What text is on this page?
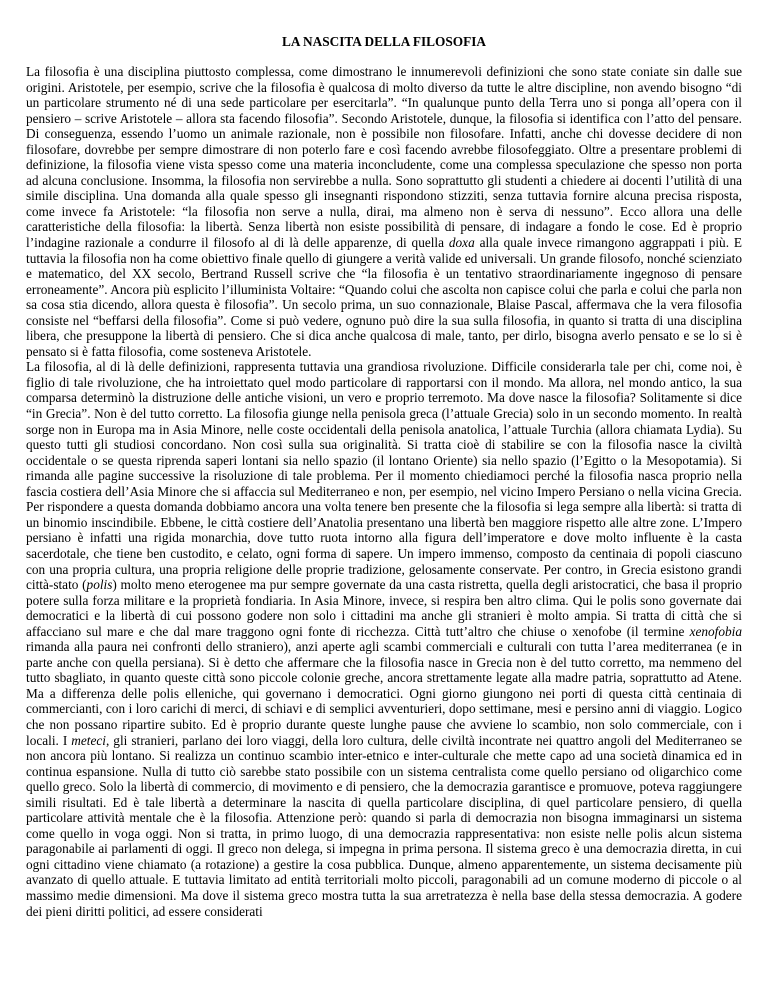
LA NASCITA DELLA FILOSOFIA

La filosofia è una disciplina piuttosto complessa, come dimostrano le innumerevoli definizioni che sono state coniate sin dalle sue origini. Aristotele, per esempio, scrive che la filosofia è qualcosa di molto diverso da tutte le altre discipline, non avendo bisogno “di un particolare strumento né di una sede particolare per esercitarla”. “In qualunque punto della Terra uno si ponga all’opera con il pensiero – scrive Aristotele – allora sta facendo filosofia”. Secondo Aristotele, dunque, la filosofia si identifica con l’atto del pensare. Di conseguenza, essendo l’uomo un animale razionale, non è possibile non filosofare. Infatti, anche chi dovesse decidere di non filosofare, dovrebbe per sempre dimostrare di non poterlo fare e così facendo avrebbe filosofeggiato. Oltre a presentare problemi di definizione, la filosofia viene vista spesso come una materia inconcludente, come una complessa speculazione che spesso non porta ad alcuna conclusione. Insomma, la filosofia non servirebbe a nulla. Sono soprattutto gli studenti a chiedere ai docenti l’utilità di una simile disciplina. Una domanda alla quale spesso gli insegnanti rispondono stizziti, senza tuttavia fornire alcuna precisa risposta, come invece fa Aristotele: “la filosofia non serve a nulla, dirai, ma almeno non è serva di nessuno”. Ecco allora una delle caratteristiche della filosofia: la libertà. Senza libertà non esiste possibilità di pensare, di indagare a fondo le cose. Ed è proprio l’indagine razionale a condurre il filosofo al di là delle apparenze, di quella doxa alla quale invece rimangono aggrappati i più. E tuttavia la filosofia non ha come obiettivo finale quello di giungere a verità valide ed universali. Un grande filosofo, nonché scienziato e matematico, del XX secolo, Bertrand Russell scrive che “la filosofia è un tentativo straordinariamente ingegnoso di pensare erroneamente”. Ancora più esplicito l’illuminista Voltaire: “Quando colui che ascolta non capisce colui che parla e colui che parla non sa cosa stia dicendo, allora questa è filosofia”. Un secolo prima, un suo connazionale, Blaise Pascal, affermava che la vera filosofia consiste nel “beffarsi della filosofia”. Come si può vedere, ognuno può dire la sua sulla filosofia, in quanto si tratta di una disciplina libera, che presuppone la libertà di pensiero. Che si dica anche qualcosa di male, tanto, per dirlo, bisogna averlo pensato e se lo si è pensato si è fatta filosofia, come sosteneva Aristotele.

La filosofia, al di là delle definizioni, rappresenta tuttavia una grandiosa rivoluzione. Difficile considerarla tale per chi, come noi, è figlio di tale rivoluzione, che ha introiettato quel modo particolare di rapportarsi con il mondo. Ma allora, nel mondo antico, la sua comparsa determinò la distruzione delle antiche visioni, un vero e proprio terremoto. Ma dove nasce la filosofia? Solitamente si dice “in Grecia”. Non è del tutto corretto. La filosofia giunge nella penisola greca (l’attuale Grecia) solo in un secondo momento. In realtà sorge non in Europa ma in Asia Minore, nelle coste occidentali della penisola anatolica, l’attuale Turchia (allora chiamata Lydia). Su questo tutti gli studiosi concordano. Non così sulla sua originalità. Si tratta cioè di stabilire se con la filosofia nasce la civiltà occidentale o se questa riprenda saperi lontani sia nello spazio (il lontano Oriente) sia nello spazio (l’Egitto o la Mesopotamia). Si rimanda alle pagine successive la risoluzione di tale problema. Per il momento chiediamoci perché la filosofia nasca proprio nella fascia costiera dell’Asia Minore che si affaccia sul Mediterraneo e non, per esempio, nel vicino Impero Persiano o nella vicina Grecia. Per rispondere a questa domanda dobbiamo ancora una volta tenere ben presente che la filosofia si lega sempre alla libertà: si tratta di un binomio inscindibile. Ebbene, le città costiere dell’Anatolia presentano una libertà ben maggiore rispetto alle altre zone. L’Impero persiano è infatti una rigida monarchia, dove tutto ruota intorno alla figura dell’imperatore e dove molto influente è la casta sacerdotale, che tiene ben custodito, e celato, ogni forma di sapere. Un impero immenso, composto da centinaia di popoli ciascuno con una propria cultura, una propria religione delle proprie tradizione, gelosamente conservate. Per contro, in Grecia esistono grandi città-stato (polis) molto meno eterogenee ma pur sempre governate da una casta ristretta, quella degli aristocratici, che basa il proprio potere sulla forza militare e la proprietà fondiaria. In Asia Minore, invece, si respira ben altro clima. Qui le polis sono governate dai democratici e la libertà di cui possono godere non solo i cittadini ma anche gli stranieri è molto ampia. Si tratta di città che si affacciano sul mare e che dal mare traggono ogni fonte di ricchezza. Città tutt’altro che chiuse o xenofobe (il termine xenofobia rimanda alla paura nei confronti dello straniero), anzi aperte agli scambi commerciali e culturali con tutta l’area mediterranea (e in parte anche con quella persiana). Si è detto che affermare che la filosofia nasce in Grecia non è del tutto corretto, ma nemmeno del tutto sbagliato, in quanto queste città sono piccole colonie greche, ancora strettamente legate alla madre patria, soprattutto ad Atene. Ma a differenza delle polis elleniche, qui governano i democratici. Ogni giorno giungono nei porti di questa città centinaia di commercianti, con i loro carichi di merci, di schiavi e di semplici avventurieri, dopo settimane, mesi e persino anni di viaggio. Logico che non possano ripartire subito. Ed è proprio durante queste lunghe pause che avviene lo scambio, non solo commerciale, con i locali. I meteci, gli stranieri, parlano dei loro viaggi, della loro cultura, delle civiltà incontrate nei quattro angoli del Mediterraneo se non ancora più lontano. Si realizza un continuo scambio inter-etnico e inter-culturale che mette capo ad una società dinamica ed in continua espansione. Nulla di tutto ciò sarebbe stato possibile con un sistema centralista come quello persiano od oligarchico come quello greco. Solo la libertà di commercio, di movimento e di pensiero, che la democrazia garantisce e promuove, poteva raggiungere simili risultati. Ed è tale libertà a determinare la nascita di quella particolare disciplina, di quel particolare pensiero, di quella particolare attività mentale che è la filosofia. Attenzione però: quando si parla di democrazia non bisogna immaginarsi un sistema come quello in voga oggi. Non si tratta, in primo luogo, di una democrazia rappresentativa: non esiste nelle polis alcun sistema paragonabile ai parlamenti di oggi. Il greco non delega, si impegna in prima persona. Il sistema greco è una democrazia diretta, in cui ogni cittadino viene chiamato (a rotazione) a gestire la cosa pubblica. Dunque, almeno apparentemente, un sistema decisamente più avanzato di quello attuale. E tuttavia limitato ad entità territoriali molto piccoli, paragonabili ad un comune moderno di piccole o al massimo medie dimensioni. Ma dove il sistema greco mostra tutta la sua arretratezza è nella base della stessa democrazia. A godere dei pieni diritti politici, ad essere considerati
